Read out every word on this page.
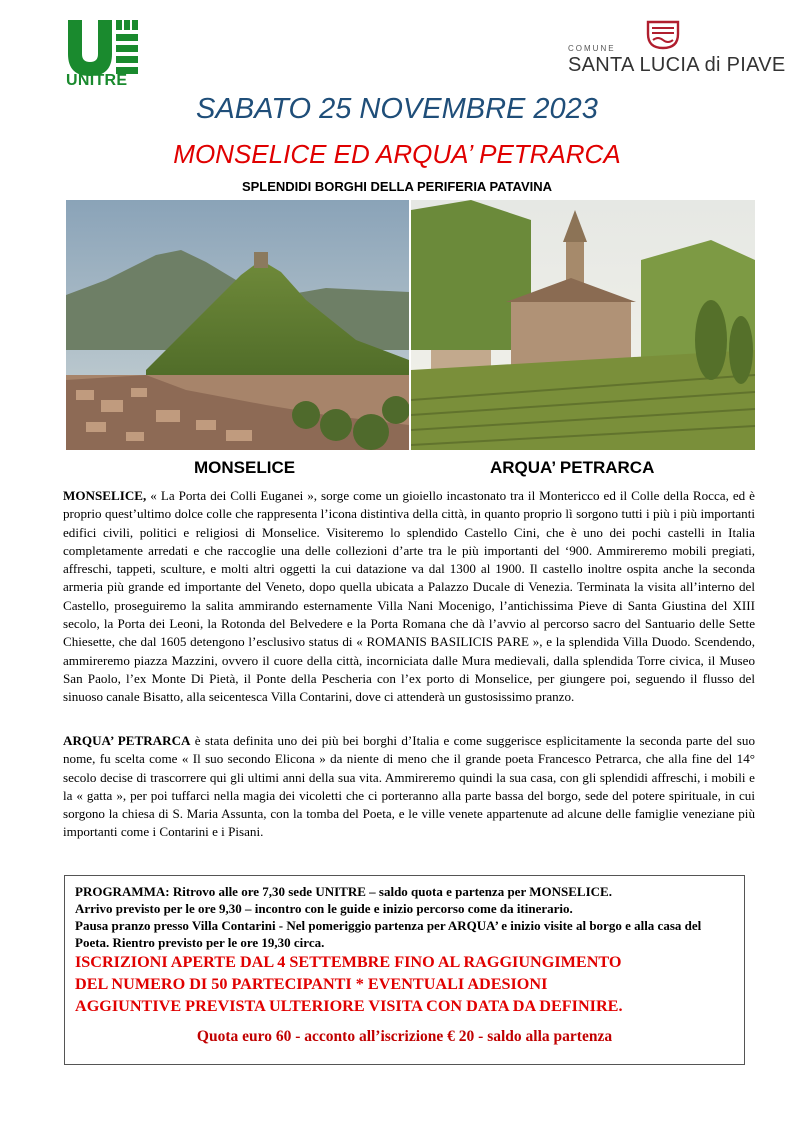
UNITRE
COMUNE
SANTA LUCIA di PIAVE
SABATO 25 NOVEMBRE 2023
MONSELICE ED ARQUA’ PETRARCA
SPLENDIDI BORGHI DELLA PERIFERIA PATAVINA
MONSELICE	ARQUA’ PETRARCA

MONSELICE, « La Porta dei Colli Euganei », sorge come un gioiello incastonato tra il Montericco ed il Colle della Rocca, ed è proprio quest’ultimo dolce colle che rappresenta l’icona distintiva della città, in quanto proprio lì sorgono tutti i più i più importanti edifici civili, politici e religiosi di Monselice. Visiteremo lo splendido Castello Cini, che è uno dei pochi castelli in Italia completamente arredati e che raccoglie una delle collezioni d’arte tra le più importanti del ‘900. Ammireremo mobili pregiati, affreschi, tappeti, sculture, e molti altri oggetti la cui datazione va dal 1300 al 1900. Il castello inoltre ospita anche la seconda armeria più grande ed importante del Veneto, dopo quella ubicata a Palazzo Ducale di Venezia. Terminata la visita all’interno del Castello, proseguiremo la salita ammirando esternamente Villa Nani Mocenigo, l’antichissima Pieve di Santa Giustina del XIII secolo, la Porta dei Leoni, la Rotonda del Belvedere e la Porta Romana che dà l’avvio al percorso sacro del Santuario delle Sette Chiesette, che dal 1605 detengono l’esclusivo status di « ROMANIS BASILICIS PARE », e la splendida Villa Duodo. Scendendo, ammireremo piazza Mazzini, ovvero il cuore della città, incorniciata dalle Mura medievali, dalla splendida Torre civica, il Museo San Paolo, l’ex Monte Di Pietà, il Ponte della Pescheria con l’ex porto di Monselice, per giungere poi, seguendo il flusso del sinuoso canale Bisatto, alla seicentesca Villa Contarini, dove ci attenderà un gustosissimo pranzo.

ARQUA’ PETRARCA è stata definita uno dei più bei borghi d’Italia e come suggerisce esplicitamente la seconda parte del suo nome, fu scelta come « Il suo secondo Elicona » da niente di meno che il grande poeta Francesco Petrarca, che alla fine del 14° secolo decise di trascorrere qui gli ultimi anni della sua vita. Ammireremo quindi la sua casa, con gli splendidi affreschi, i mobili e la « gatta », per poi tuffarci nella magia dei vicoletti che ci porteranno alla parte bassa del borgo, sede del potere spirituale, in cui sorgono la chiesa di S. Maria Assunta, con la tomba del Poeta, e le ville venete appartenute ad alcune delle famiglie veneziane più importanti come i Contarini e i Pisani.

PROGRAMMA: Ritrovo alle ore 7,30 sede UNITRE – saldo quota e partenza per MONSELICE.

Arrivo previsto per le ore 9,30 – incontro con le guide e inizio percorso come da itinerario.

Pausa pranzo presso Villa Contarini - Nel pomeriggio partenza per ARQUA’ e inizio visite al borgo e alla casa del Poeta. Rientro previsto per le ore 19,30 circa.

ISCRIZIONI APERTE DAL 4 SETTEMBRE FINO AL RAGGIUNGIMENTO

DEL NUMERO DI 50 PARTECIPANTI * EVENTUALI ADESIONI

AGGIUNTIVE PREVISTA ULTERIORE VISITA CON DATA DA DEFINIRE.

Quota euro 60 - acconto all’iscrizione € 20 - saldo alla partenza
